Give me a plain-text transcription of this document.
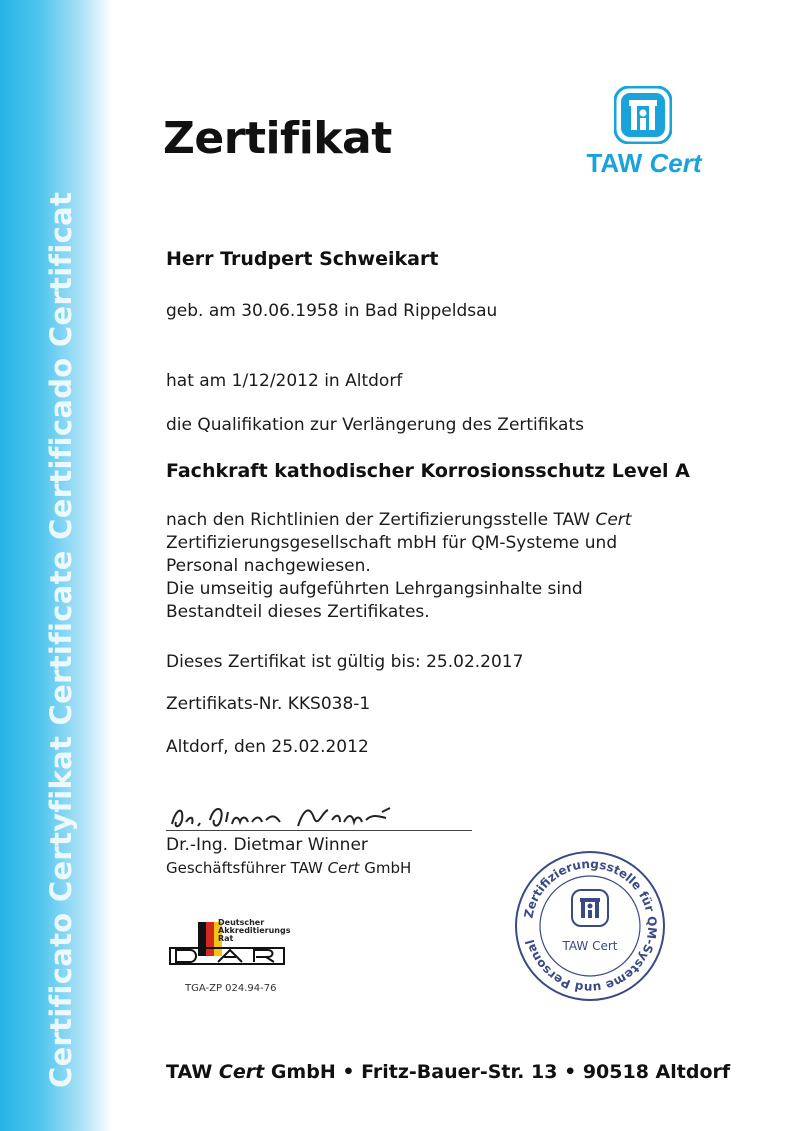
Certificato Certyfikat Certificate Certificado Certificat
Zertifikat	TAW Cert
Herr Trudpert Schweikart
geb. am 30.06.1958 in Bad Rippeldsau
hat am 1/12/2012 in Altdorf
die Qualifikation zur Verlängerung des Zertifikats
Fachkraft kathodischer Korrosionsschutz Level A
nach den Richtlinien der Zertifizierungsstelle TAW Cert
Zertifizierungsgesellschaft mbH für QM-Systeme und
Personal nachgewiesen.
Die umseitig aufgeführten Lehrgangsinhalte sind
Bestandteil dieses Zertifikates.
Dieses Zertifikat ist gültig bis: 25.02.2017
Zertifikats-Nr. KKS038-1
Altdorf, den 25.02.2012
Dr.-Ing. Dietmar Winner
Geschäftsführer TAW Cert GmbH
Deutscher
Akkreditierungs
Rat
TGA-ZP 024.94-76
Zertifizierungsstelle für QM-Systeme und Personal	TAW Cert
TAW Cert GmbH • Fritz-Bauer-Str. 13 • 90518 Altdorf
